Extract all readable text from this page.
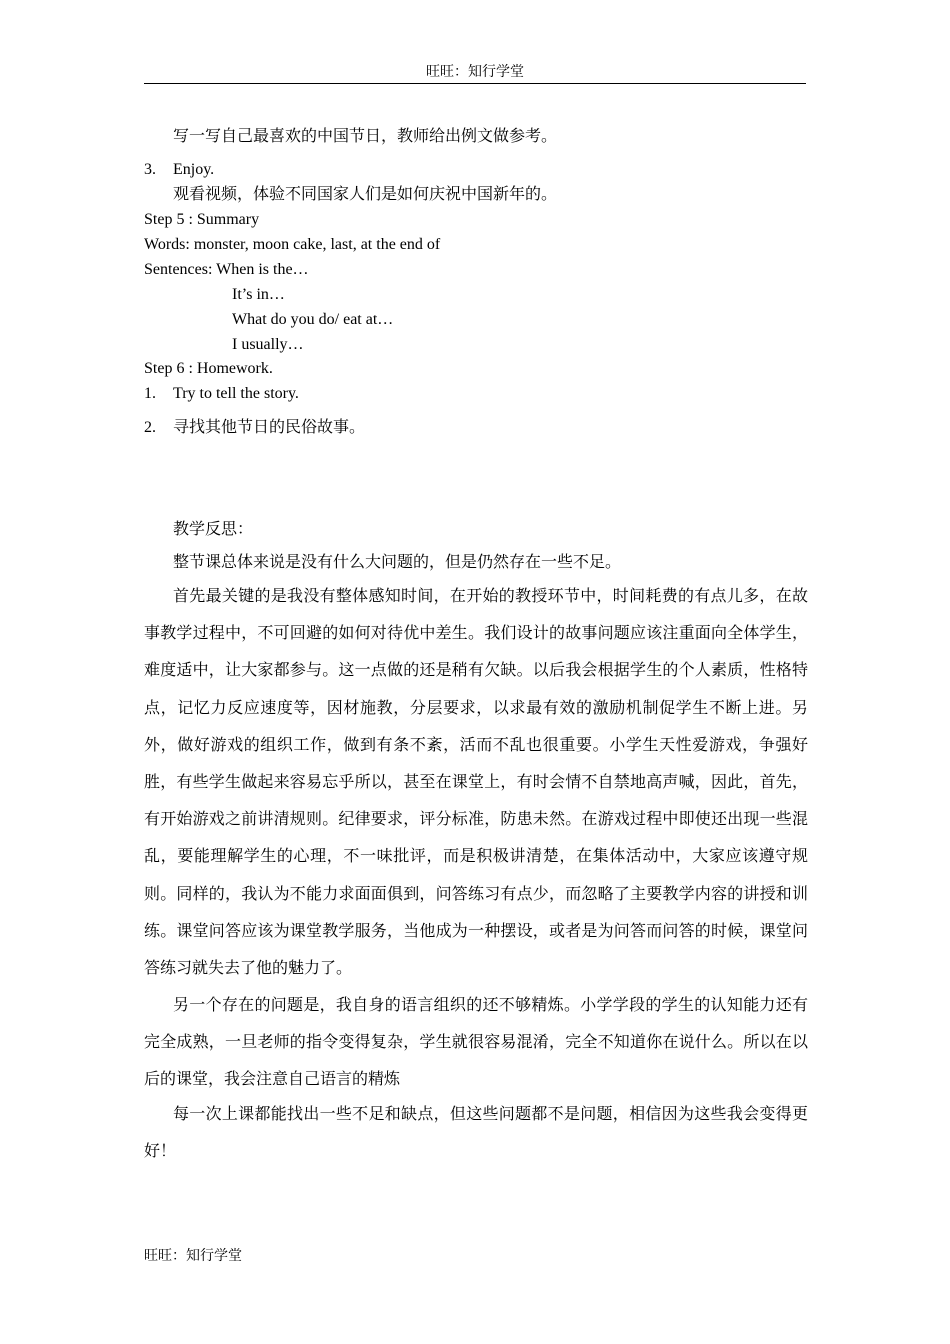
旺旺：知行学堂
写一写自己最喜欢的中国节日，教师给出例文做参考。
3. Enjoy.
观看视频，体验不同国家人们是如何庆祝中国新年的。
Step 5 : Summary
Words: monster, moon cake, last, at the end of
Sentences: When is the…
It’s in…
What do you do/ eat at…
I usually…
Step 6 : Homework.
1. Try to tell the story.
2. 寻找其他节日的民俗故事。
教学反思：
整节课总体来说是没有什么大问题的，但是仍然存在一些不足。
首先最关键的是我没有整体感知时间，在开始的教授环节中，时间耗费的有点儿多，在故事教学过程中，不可回避的如何对待优中差生。我们设计的故事问题应该注重面向全体学生，难度适中，让大家都参与。这一点做的还是稍有欠缺。以后我会根据学生的个人素质，性格特点，记忆力反应速度等，因材施教，分层要求，以求最有效的激励机制促学生不断上进。另外，做好游戏的组织工作，做到有条不紊，活而不乱也很重要。小学生天性爱游戏，争强好胜，有些学生做起来容易忘乎所以，甚至在课堂上，有时会情不自禁地高声喊，因此，首先，有开始游戏之前讲清规则。纪律要求，评分标准，防患未然。在游戏过程中即使还出现一些混乱，要能理解学生的心理，不一味批评，而是积极讲清楚，在集体活动中，大家应该遵守规则。同样的，我认为不能力求面面俱到，问答练习有点少，而忽略了主要教学内容的讲授和训练。课堂问答应该为课堂教学服务，当他成为一种摆设，或者是为问答而问答的时候，课堂问答练习就失去了他的魅力了。
另一个存在的问题是，我自身的语言组织的还不够精炼。小学学段的学生的认知能力还有完全成熟，一旦老师的指令变得复杂，学生就很容易混淆，完全不知道你在说什么。所以在以后的课堂，我会注意自己语言的精炼
每一次上课都能找出一些不足和缺点，但这些问题都不是问题，相信因为这些我会变得更好！
旺旺：知行学堂
